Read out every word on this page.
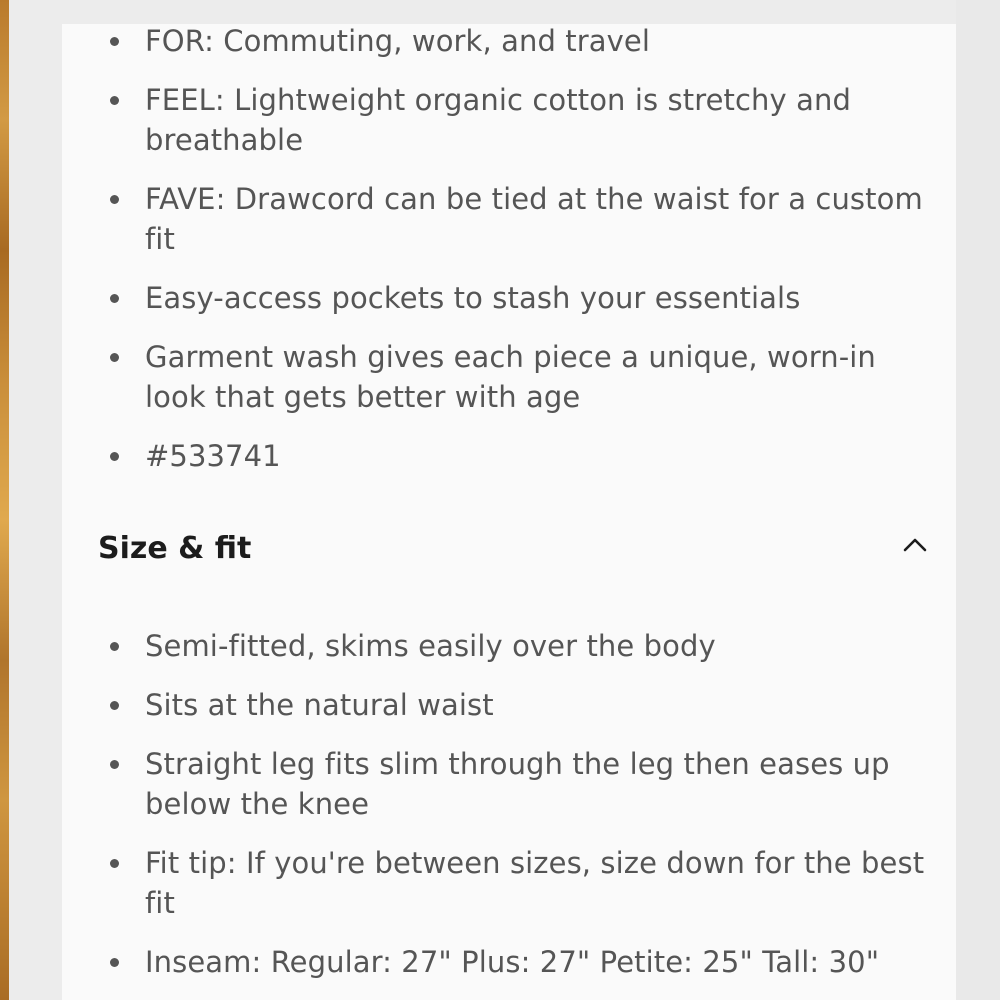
FOR: Commuting, work, and travel
FEEL: Lightweight organic cotton is stretchy and breathable
FAVE: Drawcord can be tied at the waist for a custom fit
Easy-access pockets to stash your essentials
Garment wash gives each piece a unique, worn-in look that gets better with age
#533741
Size & fit
Semi-fitted, skims easily over the body
Sits at the natural waist
Straight leg fits slim through the leg then eases up below the knee
Fit tip: If you're between sizes, size down for the best fit
Inseam: Regular: 27" Plus: 27" Petite: 25" Tall: 30"
